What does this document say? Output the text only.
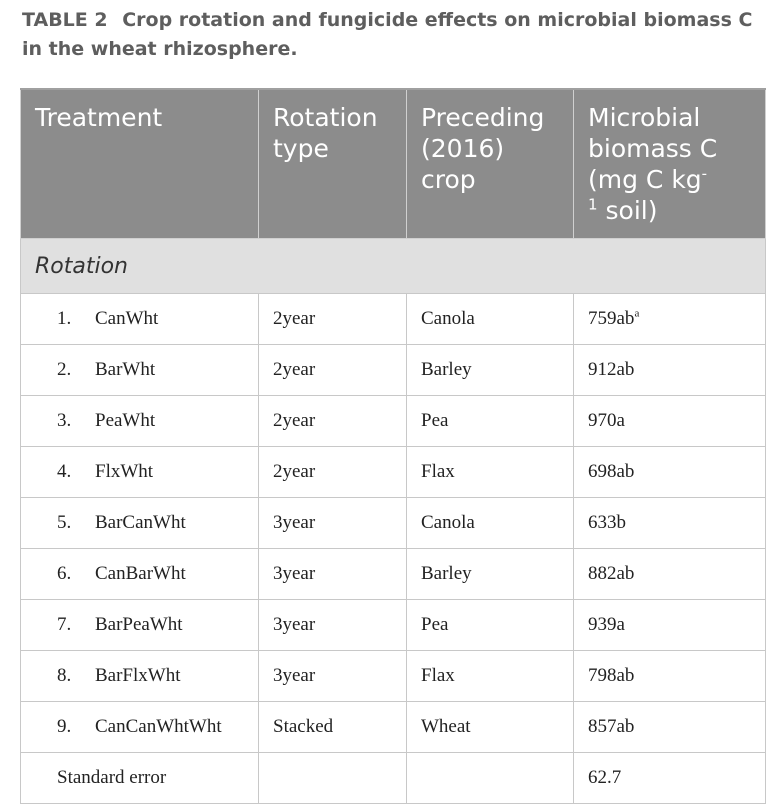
TABLE 2 Crop rotation and fungicide effects on microbial biomass C in the wheat rhizosphere.
Treatment	Rotation type	Preceding (2016) crop	Microbial biomass C (mg C kg-
$^1$ soil)
Rotation			
1. CanWht	2year	Canola	$759ab^a$
2. BarWht	2year	Barley	912ab
3. PeaWht	2year	Pea	970a
4. FlxWht	2year	Flax	698ab
5. BarCanWht	3year	Canola	633b
6. CanBarWht	3year	Barley	882ab
7. BarPeaWht	3year	Pea	939a
8. BarFlxWht	3year	Flax	798ab
9. CanCanWhtWht	Stacked	Wheat	857ab
Standard error			62.7
